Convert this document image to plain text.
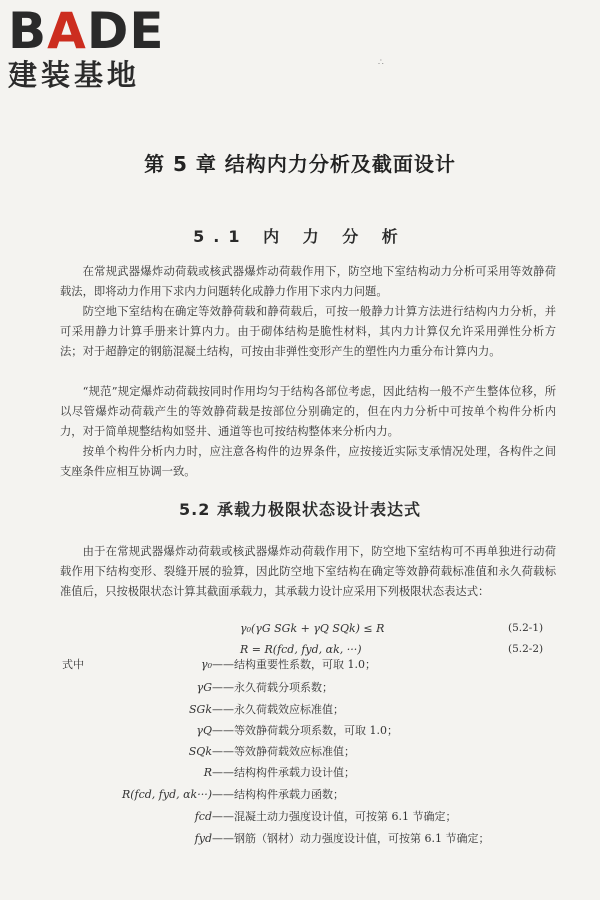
BADE
建装基地	∴
第 5 章 结构内力分析及截面设计
5.1 内 力 分 析

在常规武器爆炸动荷载或核武器爆炸动荷载作用下，防空地下室结构动力分析可采用等效静荷载法，即将动力作用下求内力问题转化成静力作用下求内力问题。

防空地下室结构在确定等效静荷载和静荷载后，可按一般静力计算方法进行结构内力分析，并可采用静力计算手册来计算内力。由于砌体结构是脆性材料，其内力计算仅允许采用弹性分析方法；对于超静定的钢筋混凝土结构，可按由非弹性变形产生的塑性内力重分布计算内力。

“规范”规定爆炸动荷载按同时作用均匀于结构各部位考虑，因此结构一般不产生整体位移，所以尽管爆炸动荷载产生的等效静荷载是按部位分别确定的，但在内力分析中可按单个构件分析内力，对于简单规整结构如竖井、通道等也可按结构整体来分析内力。

按单个构件分析内力时，应注意各构件的边界条件，应按接近实际支承情况处理，各构件之间支座条件应相互协调一致。

5.2 承载力极限状态设计表达式

由于在常规武器爆炸动荷载或核武器爆炸动荷载作用下，防空地下室结构可不再单独进行动荷载作用下结构变形、裂缝开展的验算，因此防空地下室结构在确定等效静荷载标准值和永久荷载标准值后，只按极限状态计算其截面承载力，其承载力设计应采用下列极限状态表达式：

γ₀(γG SGk + γQ SQk) ≤ R	(5.2-1)
R = R(fcd, fyd, αk, ···)	(5.2-2)
式中	γ₀ ——结构重要性系数，可取 1.0；
γG ——永久荷载分项系数；
SGk ——永久荷载效应标准值；
γQ ——等效静荷载分项系数，可取 1.0；
SQk ——等效静荷载效应标准值；
R ——结构构件承载力设计值；
R(fcd, fyd, αk···) ——结构构件承载力函数；
fcd ——混凝土动力强度设计值，可按第 6.1 节确定；
fyd ——钢筋（钢材）动力强度设计值，可按第 6.1 节确定；
